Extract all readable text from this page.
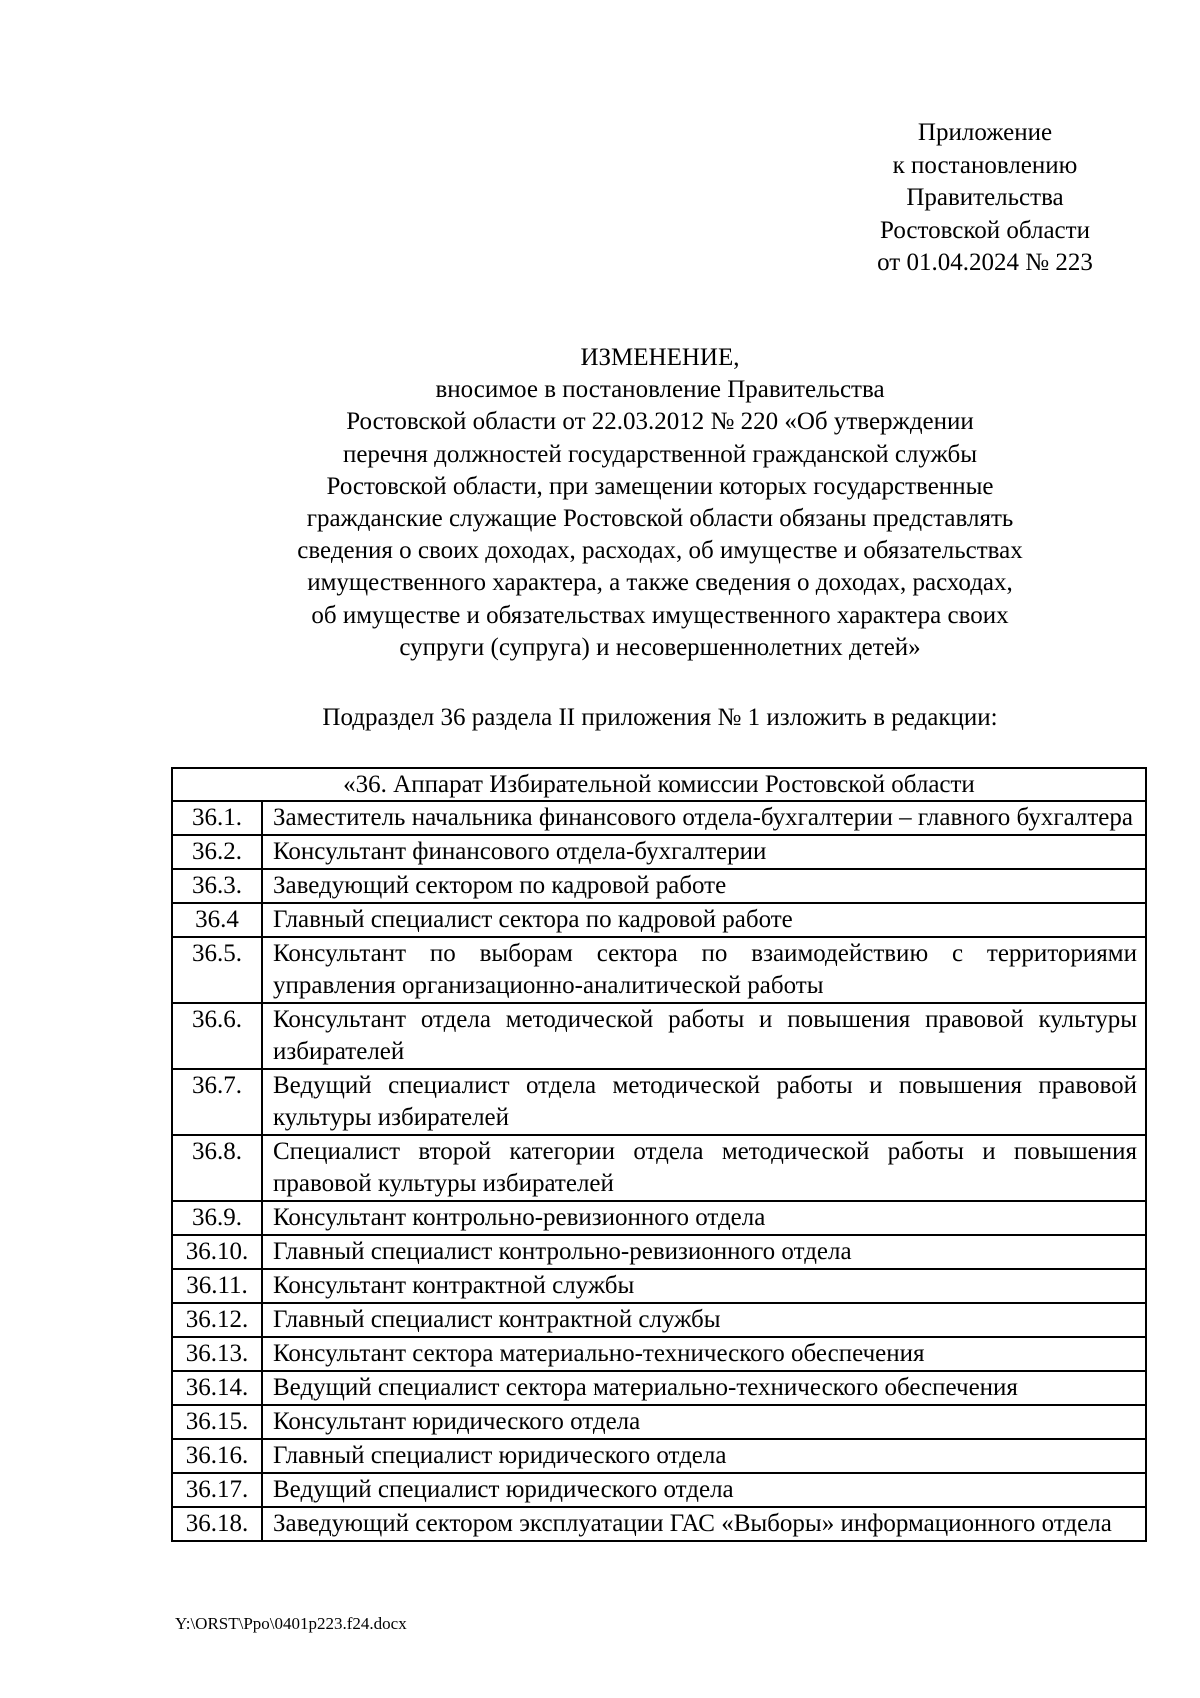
Приложение
к постановлению
Правительства
Ростовской области
от 01.04.2024 № 223
ИЗМЕНЕНИЕ,
вносимое в постановление Правительства
Ростовской области от 22.03.2012 № 220 «Об утверждении
перечня должностей государственной гражданской службы
Ростовской области, при замещении которых государственные
гражданские служащие Ростовской области обязаны представлять
сведения о своих доходах, расходах, об имуществе и обязательствах
имущественного характера, а также сведения о доходах, расходах,
об имуществе и обязательствах имущественного характера своих
супруги (супруга) и несовершеннолетних детей»
Подраздел 36 раздела II приложения № 1 изложить в редакции:
«36. Аппарат Избирательной комиссии Ростовской области	
36.1.	Заместитель начальника финансового отдела-бухгалтерии – главного бухгалтера
36.2.	Консультант финансового отдела-бухгалтерии
36.3.	Заведующий сектором по кадровой работе
36.4	Главный специалист сектора по кадровой работе
36.5.	Консультант по выборам сектора по взаимодействию с территориями управления организационно-аналитической работы
36.6.	Консультант отдела методической работы и повышения правовой культуры избирателей
36.7.	Ведущий специалист отдела методической работы и повышения правовой культуры избирателей
36.8.	Специалист второй категории отдела методической работы и повышения правовой культуры избирателей
36.9.	Консультант контрольно-ревизионного отдела
36.10.	Главный специалист контрольно-ревизионного отдела
36.11.	Консультант контрактной службы
36.12.	Главный специалист контрактной службы
36.13.	Консультант сектора материально-технического обеспечения
36.14.	Ведущий специалист сектора материально-технического обеспечения
36.15.	Консультант юридического отдела
36.16.	Главный специалист юридического отдела
36.17.	Ведущий специалист юридического отдела
36.18.	Заведующий сектором эксплуатации ГАС «Выборы» информационного отдела
Y:\ORST\Ppo\0401p223.f24.docx
